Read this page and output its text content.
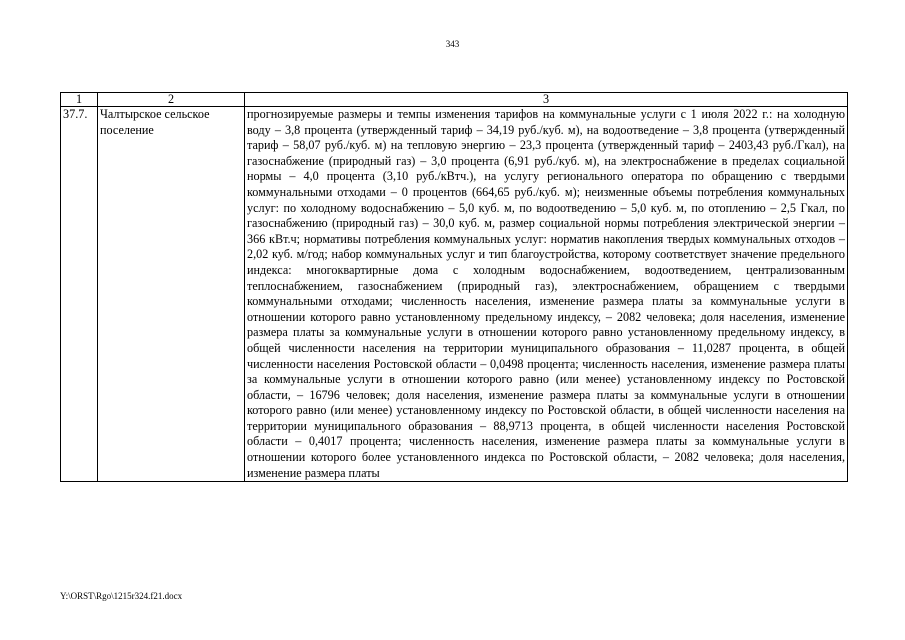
343
1	2	3
37.7.	Чалтырское сельское поселение	прогнозируемые размеры и темпы изменения тарифов на коммунальные услуги с 1 июля 2022 г.: на холодную воду – 3,8 процента (утвержденный тариф – 34,19 руб./куб. м), на водоотведение – 3,8 процента (утвержденный тариф – 58,07 руб./куб. м) на тепловую энергию – 23,3 процента (утвержденный тариф – 2403,43 руб./Гкал), на газоснабжение (природный газ) – 3,0 процента (6,91 руб./куб. м), на электроснабжение в пределах социальной нормы – 4,0 процента (3,10 руб./кВтч.), на услугу регионального оператора по обращению с твердыми коммунальными отходами – 0 процентов (664,65 руб./куб. м); неизменные объемы потребления коммунальных услуг: по холодному водоснабжению – 5,0 куб. м, по водоотведению – 5,0 куб. м, по отоплению – 2,5 Гкал, по газоснабжению (природный газ) – 30,0 куб. м, размер социальной нормы потребления электрической энергии – 366 кВт.ч; нормативы потребления коммунальных услуг: норматив накопления твердых коммунальных отходов – 2,02 куб. м/год; набор коммунальных услуг и тип благоустройства, которому соответствует значение предельного индекса: многоквартирные дома с холодным водоснабжением, водоотведением, централизованным теплоснабжением, газоснабжением (природный газ), электроснабжением, обращением с твердыми коммунальными отходами; численность населения, изменение размера платы за коммунальные услуги в отношении которого равно установленному предельному индексу, – 2082 человека; доля населения, изменение размера платы за коммунальные услуги в отношении которого равно установленному предельному индексу, в общей численности населения на территории муниципального образования – 11,0287 процента, в общей численности населения Ростовской области – 0,0498 процента; численность населения, изменение размера платы за коммунальные услуги в отношении которого равно (или менее) установленному индексу по Ростовской области, – 16796 человек; доля населения, изменение размера платы за коммунальные услуги в отношении которого равно (или менее) установленному индексу по Ростовской области, в общей численности населения на территории муниципального образования – 88,9713 процента, в общей численности населения Ростовской области – 0,4017 процента; численность населения, изменение размера платы за коммунальные услуги в отношении которого более установленного индекса по Ростовской области, – 2082 человека; доля населения, изменение размера платы
Y:\ORST\Rgo\1215r324.f21.docx
